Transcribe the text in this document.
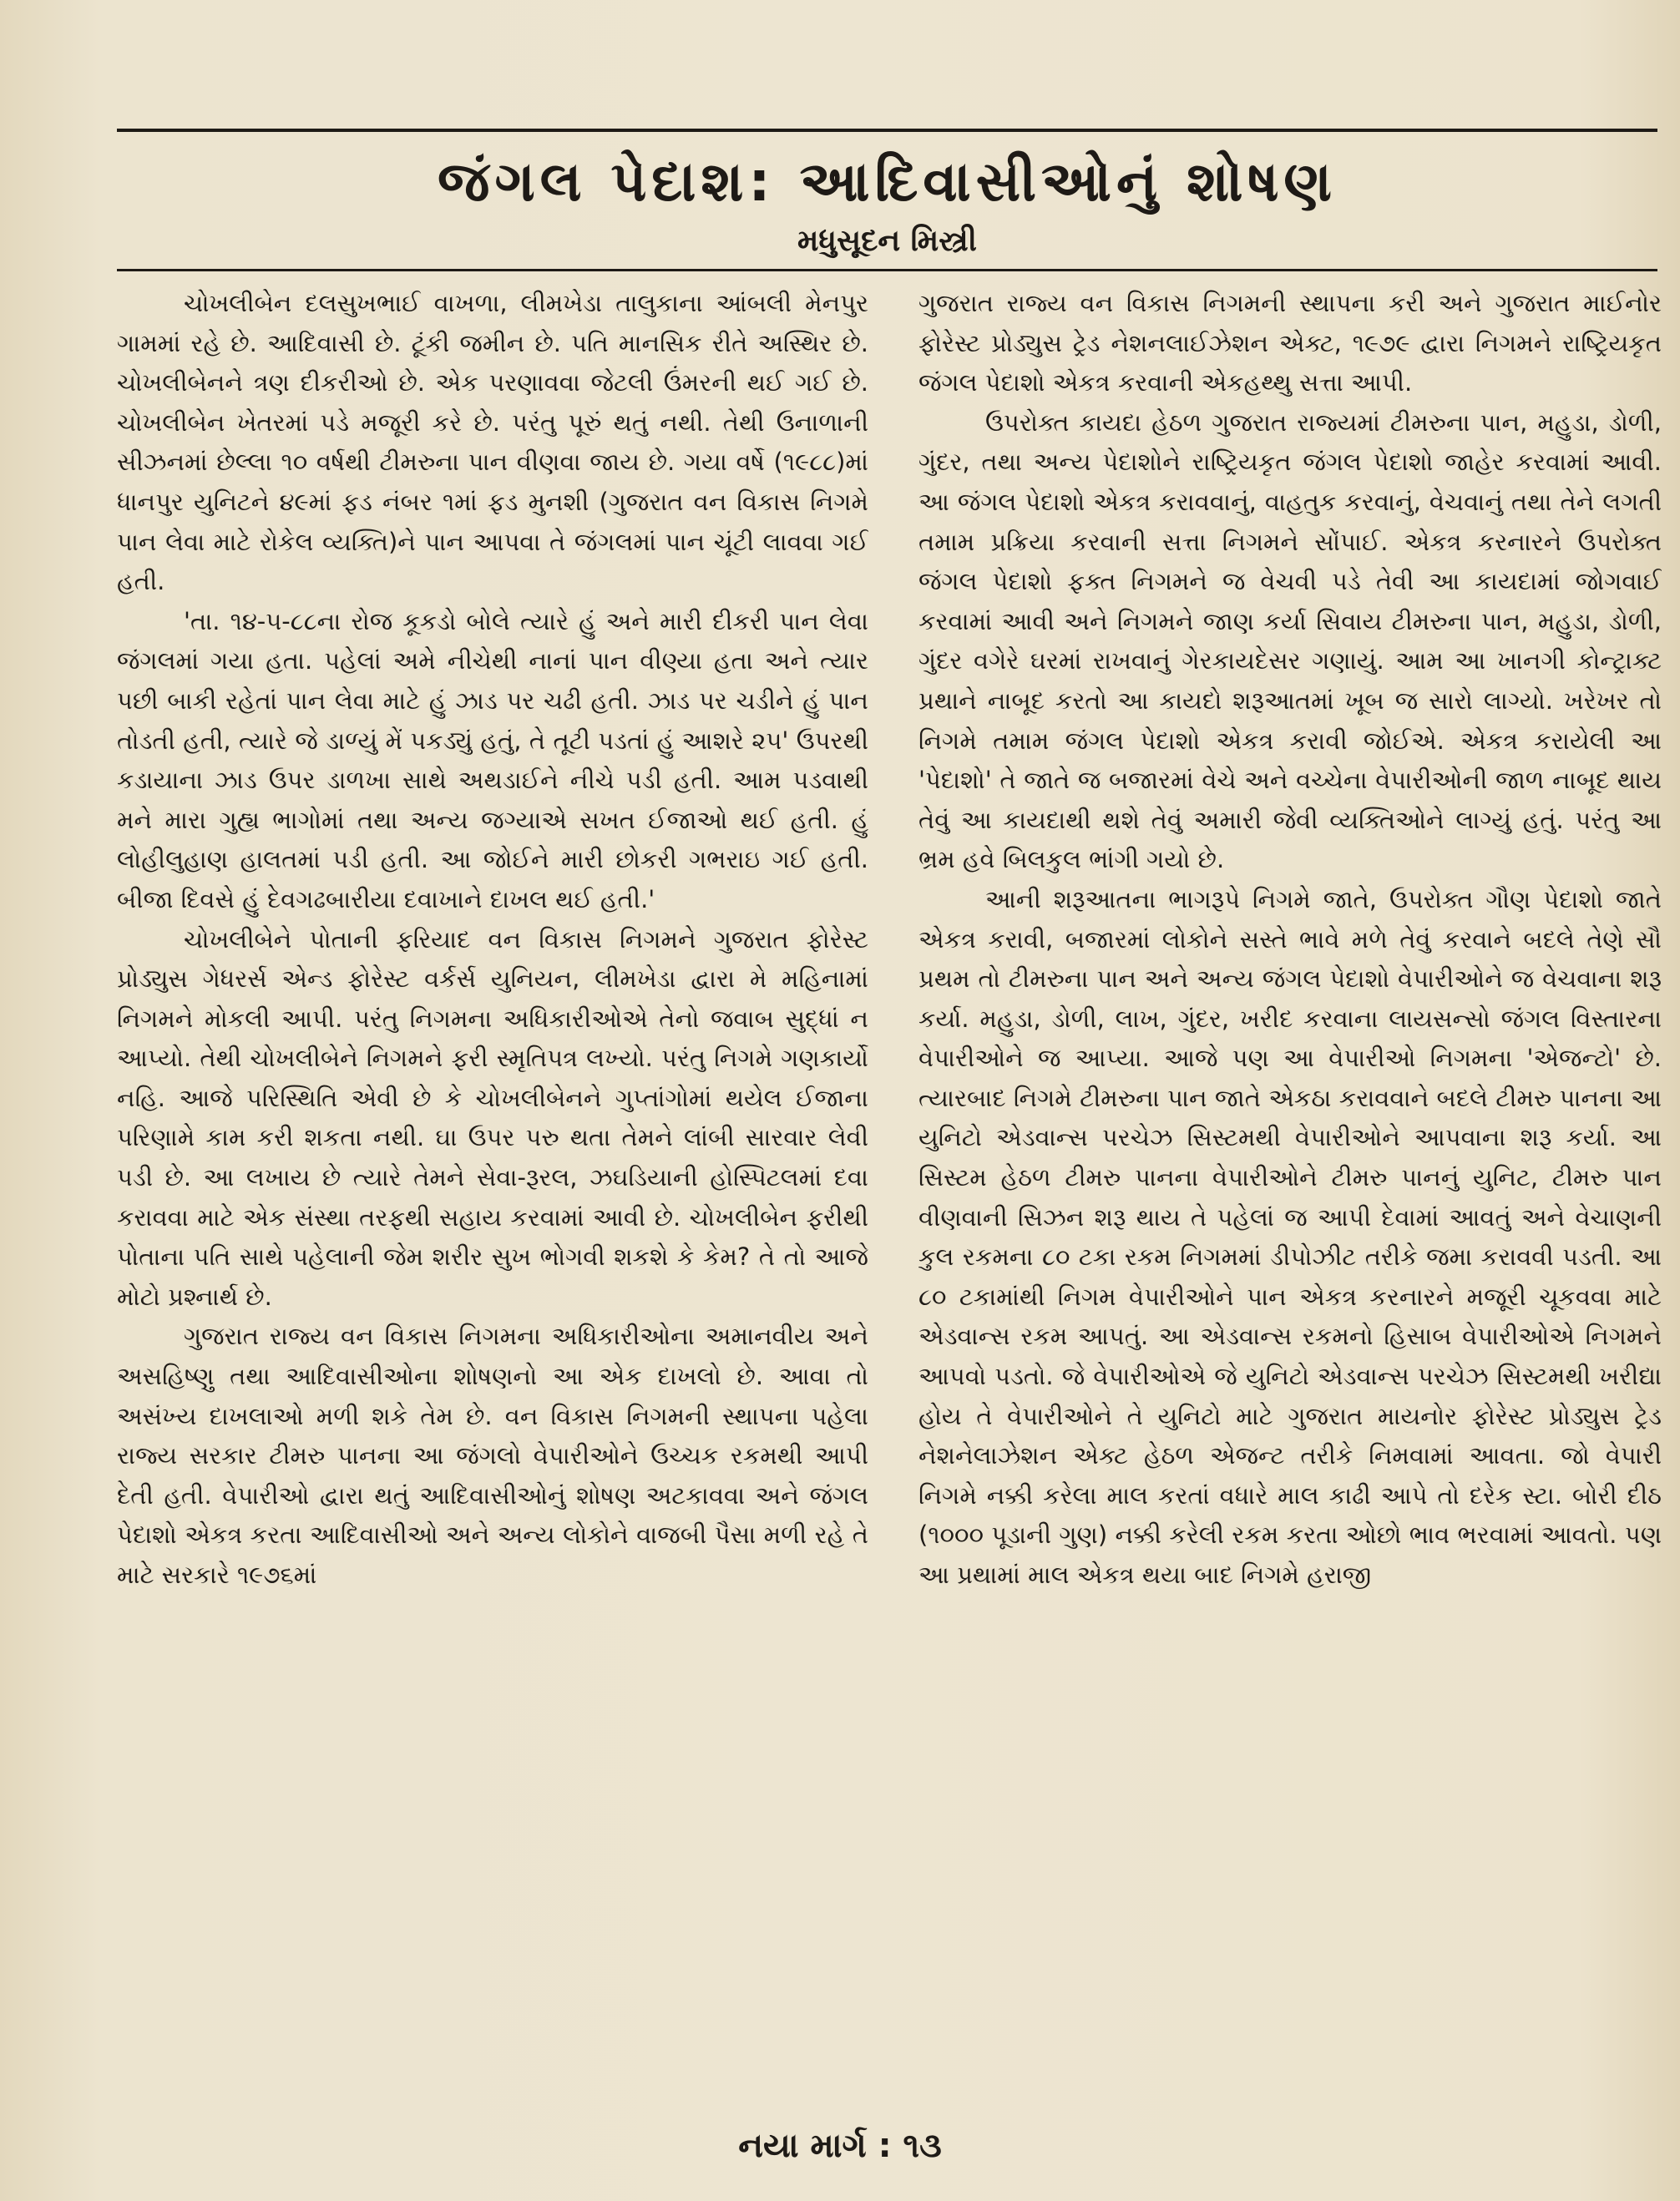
જંગલ પેદાશ: આદિવાસીઓનું શોષણ
મધુસૂદન મિસ્ત્રી

ચોખલીબેન દલસુખભાઈ વાખળા, લીમખેડા તાલુકાના આંબલી મેનપુર ગામમાં રહે છે. આદિવાસી છે. ટૂંકી જમીન છે. પતિ માનસિક રીતે અસ્થિર છે. ચોખલીબેનને ત્રણ દીકરીઓ છે. એક પરણાવવા જેટલી ઉંમરની થઈ ગઈ છે. ચોખલીબેન ખેતરમાં પડે મજૂરી કરે છે. પરંતુ પૂરું થતું નથી. તેથી ઉનાળાની સીઝનમાં છેલ્લા ૧૦ વર્ષથી ટીમરુના પાન વીણવા જાય છે. ગયા વર્ષે (૧૯૮૮)માં ધાનપુર યુનિટને ૪૯માં ફડ નંબર ૧માં ફડ મુનશી (ગુજરાત વન વિકાસ નિગમે પાન લેવા માટે રોકેલ વ્યક્તિ)ને પાન આપવા તે જંગલમાં પાન ચૂંટી લાવવા ગઈ હતી.

'તા. ૧૪-૫-૮૮ના રોજ કૂકડો બોલે ત્યારે હું અને મારી દીકરી પાન લેવા જંગલમાં ગયા હતા. પહેલાં અમે નીચેથી નાનાં પાન વીણ્યા હતા અને ત્યાર પછી બાકી રહેતાં પાન લેવા માટે હું ઝાડ પર ચઢી હતી. ઝાડ પર ચડીને હું પાન તોડતી હતી, ત્યારે જે ડાળ્યું મેં પકડ્યું હતું, તે તૂટી પડતાં હું આશરે ૨૫' ઉપરથી કડાયાના ઝાડ ઉપર ડાળખા સાથે અથડાઈને નીચે પડી હતી. આમ પડવાથી મને મારા ગુહ્ય ભાગોમાં તથા અન્ય જગ્યાએ સખત ઈજાઓ થઈ હતી. હું લોહીલુહાણ હાલતમાં પડી હતી. આ જોઈને મારી છોકરી ગભરાઇ ગઈ હતી. બીજા દિવસે હું દેવગઢબારીયા દવાખાને દાખલ થઈ હતી.'

ચોખલીબેને પોતાની ફરિયાદ વન વિકાસ નિગમને ગુજરાત ફોરેસ્ટ પ્રોડ્યુસ ગેધરર્સ એન્ડ ફોરેસ્ટ વર્કર્સ યુનિયન, લીમખેડા દ્વારા મે મહિનામાં નિગમને મોકલી આપી. પરંતુ નિગમના અધિકારીઓએ તેનો જવાબ સુદ્ધાં ન આપ્યો. તેથી ચોખલીબેને નિગમને ફરી સ્મૃતિપત્ર લખ્યો. પરંતુ નિગમે ગણકાર્યો નહિ. આજે પરિસ્થિતિ એવી છે કે ચોખલીબેનને ગુપ્તાંગોમાં થયેલ ઈજાના પરિણામે કામ કરી શકતા નથી. ઘા ઉપર પરુ થતા તેમને લાંબી સારવાર લેવી પડી છે. આ લખાય છે ત્યારે તેમને સેવા-રૂરલ, ઝઘડિયાની હોસ્પિટલમાં દવા કરાવવા માટે એક સંસ્થા તરફથી સહાય કરવામાં આવી છે. ચોખલીબેન ફરીથી પોતાના પતિ સાથે પહેલાની જેમ શરીર સુખ ભોગવી શકશે કે કેમ? તે તો આજે મોટો પ્રશ્નાર્થ છે.

ગુજરાત રાજ્ય વન વિકાસ નિગમના અધિકારીઓના અમાનવીય અને અસહિષ્ણુ તથા આદિવાસીઓના શોષણનો આ એક દાખલો છે. આવા તો અસંખ્ય દાખલાઓ મળી શકે તેમ છે. વન વિકાસ નિગમની સ્થાપના પહેલા રાજ્ય સરકાર ટીમરુ પાનના આ જંગલો વેપારીઓને ઉચ્ચક રકમથી આપી દેતી હતી. વેપારીઓ દ્વારા થતું આદિવાસીઓનું શોષણ અટકાવવા અને જંગલ પેદાશો એકત્ર કરતા આદિવાસીઓ અને અન્ય લોકોને વાજબી પૈસા મળી રહે તે માટે સરકારે ૧૯૭૬માં

ગુજરાત રાજ્ય વન વિકાસ નિગમની સ્થાપના કરી અને ગુજરાત માઈનોર ફોરેસ્ટ પ્રોડ્યુસ ટ્રેડ નેશનલાઈઝેશન એક્ટ, ૧૯૭૯ દ્વારા નિગમને રાષ્ટ્રિયકૃત જંગલ પેદાશો એકત્ર કરવાની એકહથ્થુ સત્તા આપી.

ઉપરોક્ત કાયદા હેઠળ ગુજરાત રાજ્યમાં ટીમરુના પાન, મહુડા, ડોળી, ગુંદર, તથા અન્ય પેદાશોને રાષ્ટ્રિયકૃત જંગલ પેદાશો જાહેર કરવામાં આવી. આ જંગલ પેદાશો એકત્ર કરાવવાનું, વાહતુક કરવાનું, વેચવાનું તથા તેને લગતી તમામ પ્રક્રિયા કરવાની સત્તા નિગમને સોંપાઈ. એકત્ર કરનારને ઉપરોક્ત જંગલ પેદાશો ફક્ત નિગમને જ વેચવી પડે તેવી આ કાયદામાં જોગવાઈ કરવામાં આવી અને નિગમને જાણ કર્યા સિવાય ટીમરુના પાન, મહુડા, ડોળી, ગુંદર વગેરે ઘરમાં રાખવાનું ગેરકાયદેસર ગણાયું. આમ આ ખાનગી કોન્ટ્રાક્ટ પ્રથાને નાબૂદ કરતો આ કાયદો શરૂઆતમાં ખૂબ જ સારો લાગ્યો. ખરેખર તો નિગમે તમામ જંગલ પેદાશો એકત્ર કરાવી જોઈએ. એકત્ર કરાયેલી આ 'પેદાશો' તે જાતે જ બજારમાં વેચે અને વચ્ચેના વેપારીઓની જાળ નાબૂદ થાય તેવું આ કાયદાથી થશે તેવું અમારી જેવી વ્યક્તિઓને લાગ્યું હતું. પરંતુ આ ભ્રમ હવે બિલકુલ ભાંગી ગયો છે.

આની શરૂઆતના ભાગરૂપે નિગમે જાતે, ઉપરોક્ત ગૌણ પેદાશો જાતે એકત્ર કરાવી, બજારમાં લોકોને સસ્તે ભાવે મળે તેવું કરવાને બદલે તેણે સૌ પ્રથમ તો ટીમરુના પાન અને અન્ય જંગલ પેદાશો વેપારીઓને જ વેચવાના શરૂ કર્યા. મહુડા, ડોળી, લાખ, ગુંદર, ખરીદ કરવાના લાયસન્સો જંગલ વિસ્તારના વેપારીઓને જ આપ્યા. આજે પણ આ વેપારીઓ નિગમના 'એજન્ટો' છે. ત્યારબાદ નિગમે ટીમરુના પાન જાતે એકઠા કરાવવાને બદલે ટીમરુ પાનના આ યુનિટો એડવાન્સ પરચેઝ સિસ્ટમથી વેપારીઓને આપવાના શરૂ કર્યા. આ સિસ્ટમ હેઠળ ટીમરુ પાનના વેપારીઓને ટીમરુ પાનનું યુનિટ, ટીમરુ પાન વીણવાની સિઝન શરૂ થાય તે પહેલાં જ આપી દેવામાં આવતું અને વેચાણની કુલ રકમના ૮૦ ટકા રકમ નિગમમાં ડીપોઝીટ તરીકે જમા કરાવવી પડતી. આ ૮૦ ટકામાંથી નિગમ વેપારીઓને પાન એકત્ર કરનારને મજૂરી ચૂકવવા માટે એડવાન્સ રકમ આપતું. આ એડવાન્સ રકમનો હિસાબ વેપારીઓએ નિગમને આપવો પડતો. જે વેપારીઓએ જે યુનિટો એડવાન્સ પરચેઝ સિસ્ટમથી ખરીદ્યા હોય તે વેપારીઓને તે યુનિટો માટે ગુજરાત માયનોર ફોરેસ્ટ પ્રોડ્યુસ ટ્રેડ નેશનેલાઝેશન એક્ટ હેઠળ એજન્ટ તરીકે નિમવામાં આવતા. જો વેપારી નિગમે નક્કી કરેલા માલ કરતાં વધારે માલ કાઢી આપે તો દરેક સ્ટા. બોરી દીઠ (૧૦૦૦ પૂડાની ગુણ) નક્કી કરેલી રકમ કરતા ઓછો ભાવ ભરવામાં આવતો. પણ આ પ્રથામાં માલ એકત્ર થયા બાદ નિગમે હરાજી

નયા માર્ગ : ૧૩
